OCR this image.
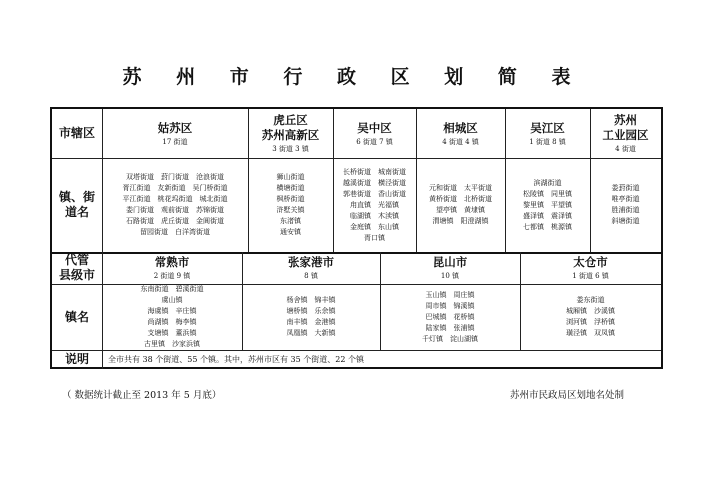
苏 州 市 行 政 区 划 简 表
市辖区
镇、街
道名
代管
县级市
镇名
说明
姑苏区
17 街道
虎丘区
苏州高新区
3 街道 3 镇
吴中区
6 街道 7 镇
相城区
4 街道 4 镇
吴江区
1 街道 8 镇
苏州
工业园区
4 街道
双塔街道　葑门街道　沧浪街道
胥江街道　友新街道　吴门桥街道
平江街道　桃花坞街道　城北街道
娄门街道　观前街道　苏锦街道
石路街道　虎丘街道　金阊街道
留园街道　白洋湾街道
狮山街道
横塘街道
枫桥街道
浒墅关镇
东渚镇
通安镇
长桥街道　城南街道
越溪街道　横泾街道
郭巷街道　香山街道
甪直镇　光福镇
临湖镇　木渎镇
金庭镇　东山镇
胥口镇
元和街道　太平街道
黄桥街道　北桥街道
望亭镇　黄埭镇
渭塘镇　阳澄湖镇
滨湖街道
松陵镇　同里镇
黎里镇　平望镇
盛泽镇　震泽镇
七都镇　桃源镇
娄葑街道
唯亭街道
胜浦街道
斜塘街道
常熟市
2 街道 9 镇
张家港市
8 镇
昆山市
10 镇
太仓市
1 街道 6 镇
东南街道　碧溪街道
虞山镇
海虞镇　辛庄镇
尚湖镇　梅李镇
支塘镇　董浜镇
古里镇　沙家浜镇
杨舍镇　锦丰镇
塘桥镇　乐余镇
南丰镇　金港镇
凤凰镇　大新镇
玉山镇　周庄镇
周市镇　锦溪镇
巴城镇　花桥镇
陆家镇　张浦镇
千灯镇　淀山湖镇
娄东街道
城厢镇　沙溪镇
浏河镇　浮桥镇
璜泾镇　双凤镇
全市共有 38 个街道、55 个镇。其中，苏州市区有 35 个街道、22 个镇
（ 数据统计截止至 2013 年 5 月底）	苏州市民政局区划地名处制
